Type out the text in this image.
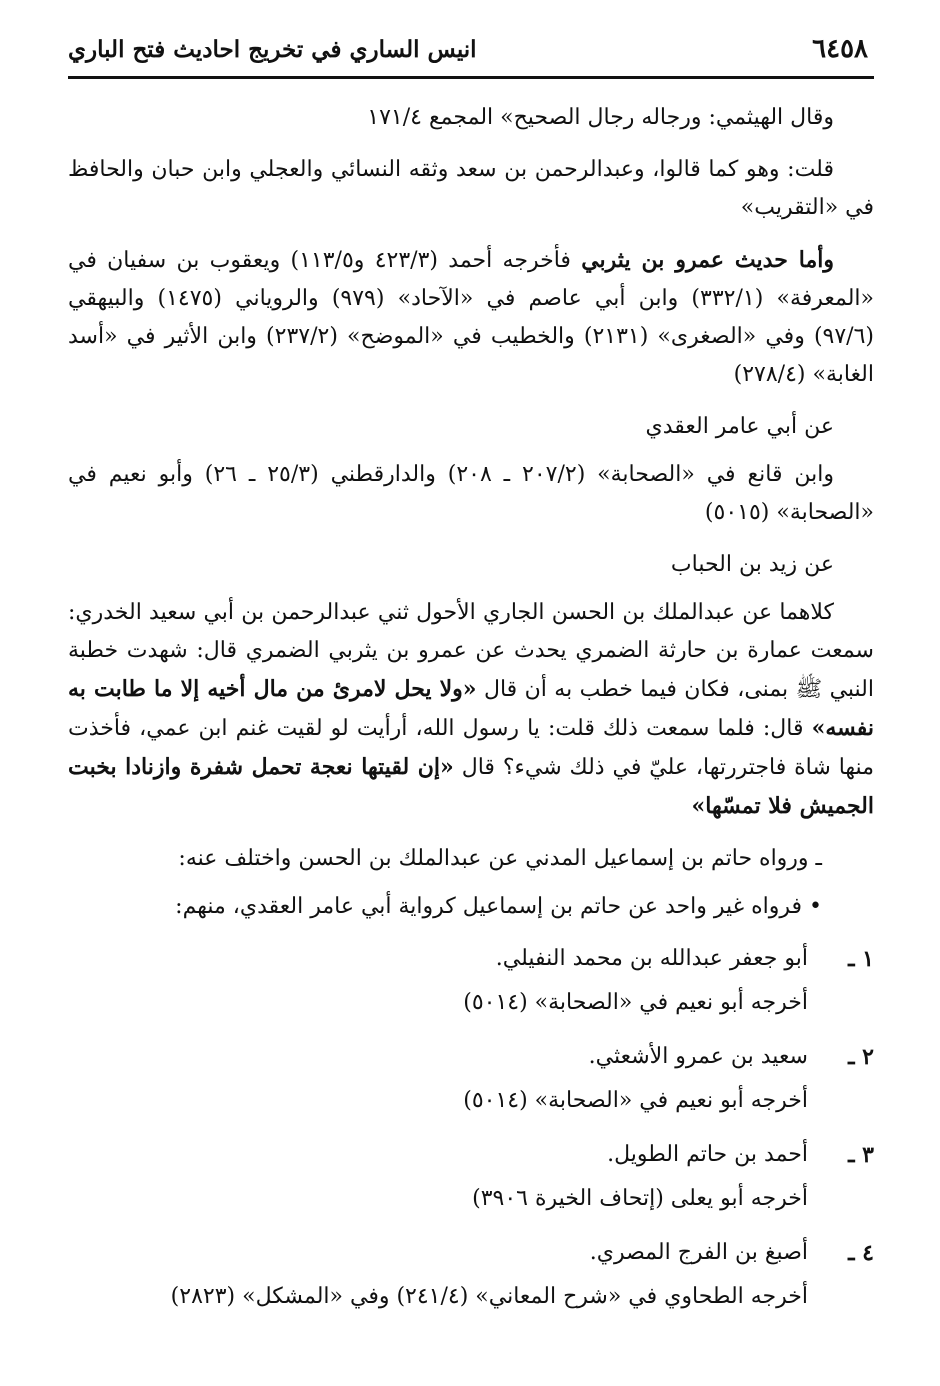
٦٤٥٨
انيس الساري في تخريج احاديث فتح الباري

وقال الهيثمي: ورجاله رجال الصحيح» المجمع ١٧١/٤

قلت: وهو كما قالوا، وعبدالرحمن بن سعد وثقه النسائي والعجلي وابن حبان والحافظ في «التقريب»

وأما حديث عمرو بن يثربي فأخرجه أحمد (٤٢٣/٣ و١١٣/٥) ويعقوب بن سفيان في «المعرفة» (٣٣٢/١) وابن أبي عاصم في «الآحاد» (٩٧٩) والروياني (١٤٧٥) والبيهقي (٩٧/٦) وفي «الصغرى» (٢١٣١) والخطيب في «الموضح» (٢٣٧/٢) وابن الأثير في «أسد الغابة» (٢٧٨/٤)

عن أبي عامر العقدي

وابن قانع في «الصحابة» (٢٠٧/٢ ـ ٢٠٨) والدارقطني (٢٥/٣ ـ ٢٦) وأبو نعيم في «الصحابة» (٥٠١٥)

عن زيد بن الحباب

كلاهما عن عبدالملك بن الحسن الجاري الأحول ثني عبدالرحمن بن أبي سعيد الخدري: سمعت عمارة بن حارثة الضمري يحدث عن عمرو بن يثربي الضمري قال: شهدت خطبة النبي ﷺ بمنى، فكان فيما خطب به أن قال «ولا يحل لامرئ من مال أخيه إلا ما طابت به نفسه» قال: فلما سمعت ذلك قلت: يا رسول الله، أرأيت لو لقيت غنم ابن عمي، فأخذت منها شاة فاجتررتها، عليّ في ذلك شيء؟ قال «إن لقيتها نعجة تحمل شفرة وازنادا بخبت الجميش فلا تمسّها»

ـ ورواه حاتم بن إسماعيل المدني عن عبدالملك بن الحسن واختلف عنه:

• فرواه غير واحد عن حاتم بن إسماعيل كرواية أبي عامر العقدي، منهم:

١ ـ
أبو جعفر عبدالله بن محمد النفيلي.
أخرجه أبو نعيم في «الصحابة» (٥٠١٤)
٢ ـ
سعيد بن عمرو الأشعثي.
أخرجه أبو نعيم في «الصحابة» (٥٠١٤)
٣ ـ
أحمد بن حاتم الطويل.
أخرجه أبو يعلى (إتحاف الخيرة ٣٩٠٦)
٤ ـ
أصبغ بن الفرج المصري.
أخرجه الطحاوي في «شرح المعاني» (٢٤١/٤) وفي «المشكل» (٢٨٢٣)
